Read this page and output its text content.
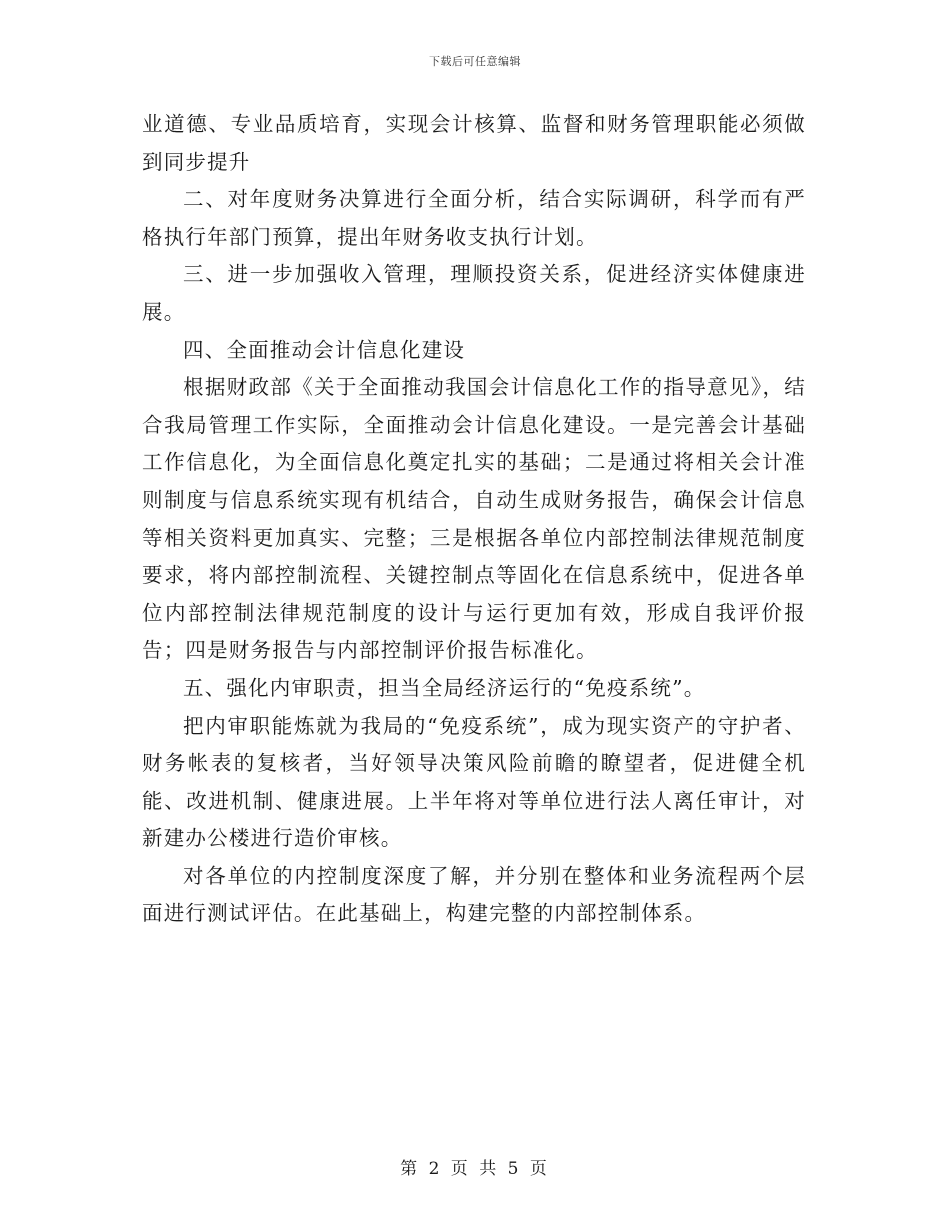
下载后可任意编辑

业道德、专业品质培育，实现会计核算、监督和财务管理职能必须做到同步提升

二、对年度财务决算进行全面分析，结合实际调研，科学而有严格执行年部门预算，提出年财务收支执行计划。

三、进一步加强收入管理，理顺投资关系，促进经济实体健康进展。

四、全面推动会计信息化建设

根据财政部《关于全面推动我国会计信息化工作的指导意见》，结合我局管理工作实际，全面推动会计信息化建设。一是完善会计基础工作信息化，为全面信息化奠定扎实的基础；二是通过将相关会计准则制度与信息系统实现有机结合，自动生成财务报告，确保会计信息等相关资料更加真实、完整；三是根据各单位内部控制法律规范制度要求，将内部控制流程、关键控制点等固化在信息系统中，促进各单位内部控制法律规范制度的设计与运行更加有效，形成自我评价报告；四是财务报告与内部控制评价报告标准化。

五、强化内审职责，担当全局经济运行的“免疫系统”。

把内审职能炼就为我局的“免疫系统”，成为现实资产的守护者、财务帐表的复核者，当好领导决策风险前瞻的瞭望者，促进健全机能、改进机制、健康进展。上半年将对等单位进行法人离任审计，对新建办公楼进行造价审核。

对各单位的内控制度深度了解，并分别在整体和业务流程两个层面进行测试评估。在此基础上，构建完整的内部控制体系。

第 2 页 共 5 页
